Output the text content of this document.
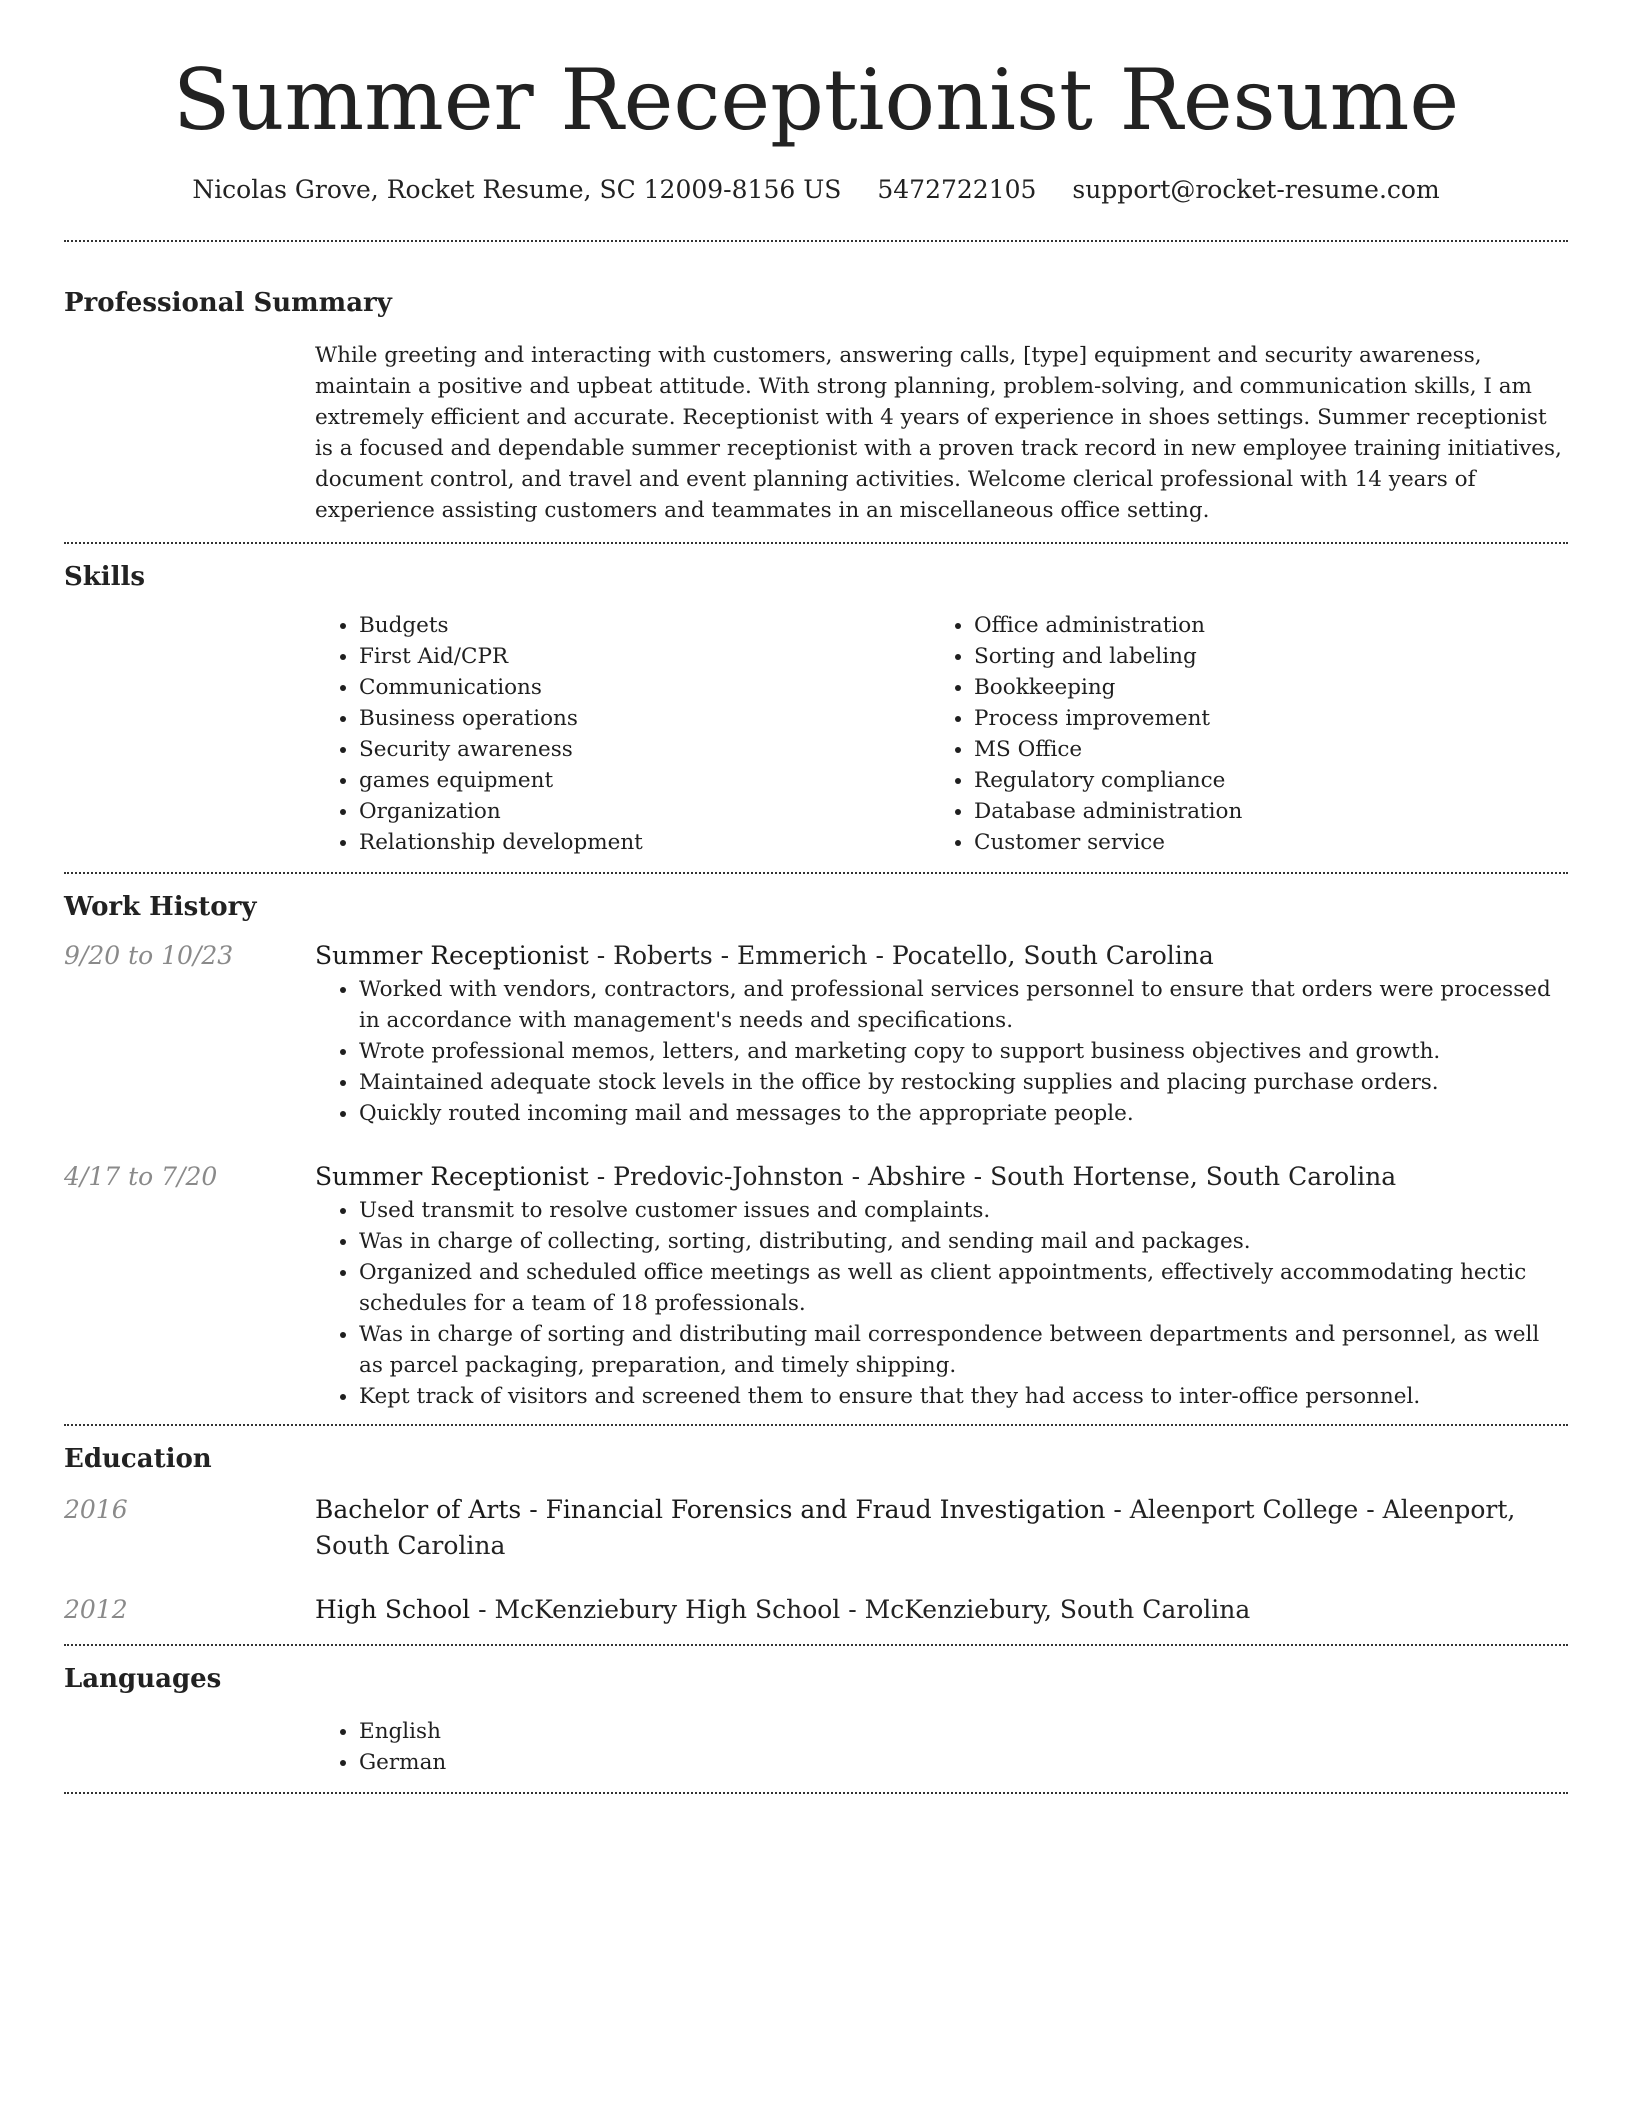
Summer Receptionist Resume
Nicolas Grove, Rocket Resume, SC 12009-8156 US 5472722105 support@rocket-resume.com
Professional Summary

While greeting and interacting with customers, answering calls, [type] equipment and security awareness, maintain a positive and upbeat attitude. With strong planning, problem-solving, and communication skills, I am extremely efficient and accurate. Receptionist with 4 years of experience in shoes settings. Summer receptionist is a focused and dependable summer receptionist with a proven track record in new employee training initiatives, document control, and travel and event planning activities. Welcome clerical professional with 14 years of experience assisting customers and teammates in an miscellaneous office setting.

Skills
• Budgets
• First Aid/CPR
• Communications
• Business operations
• Security awareness
• games equipment
• Organization
• Relationship development
• Office administration
• Sorting and labeling
• Bookkeeping
• Process improvement
• MS Office
• Regulatory compliance
• Database administration
• Customer service
Work History
9/20 to 10/23	Summer Receptionist - Roberts - Emmerich - Pocatello, South Carolina
• Worked with vendors, contractors, and professional services personnel to ensure that orders were processed in accordance with management's needs and specifications.
• Wrote professional memos, letters, and marketing copy to support business objectives and growth.
• Maintained adequate stock levels in the office by restocking supplies and placing purchase orders.
• Quickly routed incoming mail and messages to the appropriate people.
4/17 to 7/20	Summer Receptionist - Predovic-Johnston - Abshire - South Hortense, South Carolina
• Used transmit to resolve customer issues and complaints.
• Was in charge of collecting, sorting, distributing, and sending mail and packages.
• Organized and scheduled office meetings as well as client appointments, effectively accommodating hectic schedules for a team of 18 professionals.
• Was in charge of sorting and distributing mail correspondence between departments and personnel, as well as parcel packaging, preparation, and timely shipping.
• Kept track of visitors and screened them to ensure that they had access to inter-office personnel.
Education
2016	Bachelor of Arts - Financial Forensics and Fraud Investigation - Aleenport College - Aleenport, South Carolina
2012	High School - McKenziebury High School - McKenziebury, South Carolina
Languages
• English
• German
